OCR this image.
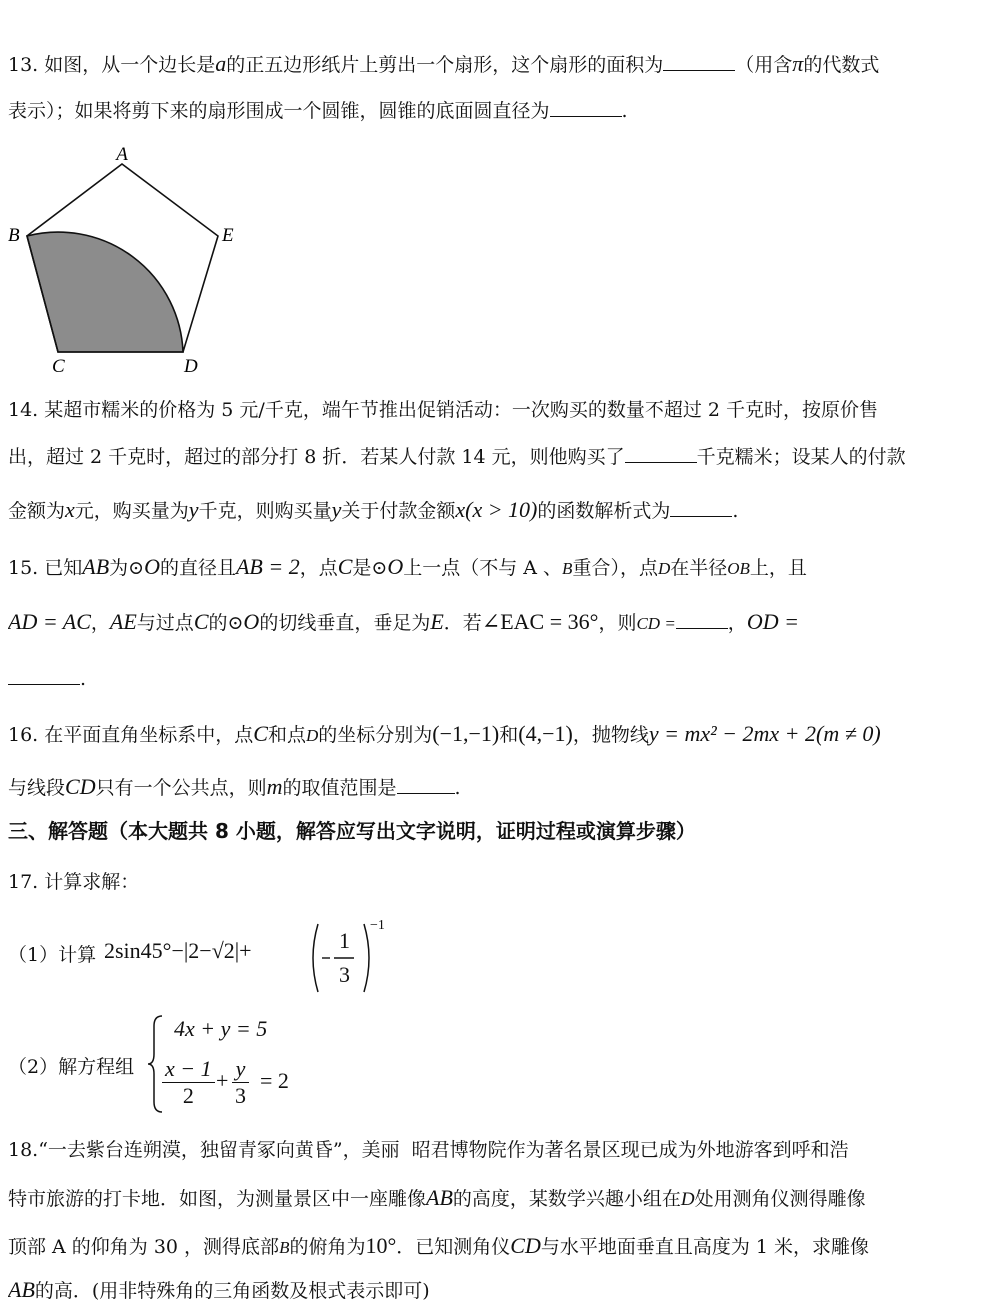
13. 如图，从一个边长是a的正五边形纸片上剪出一个扇形，这个扇形的面积为	（用含π的代数式
表示）；如果将剪下来的扇形围成一个圆锥，圆锥的底面圆直径为	.
A
B
C	D
E
14. 某超市糯米的价格为 5 元/千克，端午节推出促销活动：一次购买的数量不超过 2 千克时，按原价售
出，超过 2 千克时，超过的部分打 8 折．若某人付款 14 元，则他购买了	千克糯米；设某人的付款
金额为x元，购买量为y千克，则购买量y关于付款金额x(x > 10)的函数解析式为	.
15. 已知AB为⊙O的直径且AB = 2，点C是⊙O上一点（不与 A 、B重合），点D在半径OB上，且
AD = AC，AE与过点C的⊙O的切线垂直，垂足为E．若∠EAC = 36°，则CD =	，OD =
.
16. 在平面直角坐标系中，点C和点D的坐标分别为(−1,−1)和(4,−1)，抛物线y = mx² − 2mx + 2(m ≠ 0)
与线段CD只有一个公共点，则m的取值范围是	.
三、解答题（本大题共 8 小题，解答应写出文字说明，证明过程或演算步骤）
17. 计算求解：
（1）计算 2sin45°−|2−√2|+	1
3
−1
（2）解方程组
4x + y = 5
$\frac{x - 1}{2} + \frac{y}{3} = 2$
18.“一去紫台连朔漠，独留青冢向黄昏”，美丽 昭君博物院作为著名景区现已成为外地游客到呼和浩
特市旅游的打卡地．如图，为测量景区中一座雕像AB的高度，某数学兴趣小组在D处用测角仪测得雕像
顶部 A 的仰角为 30 ，测得底部B的俯角为10°．已知测角仪CD与水平地面垂直且高度为 1 米，求雕像
AB的高．(用非特殊角的三角函数及根式表示即可)
